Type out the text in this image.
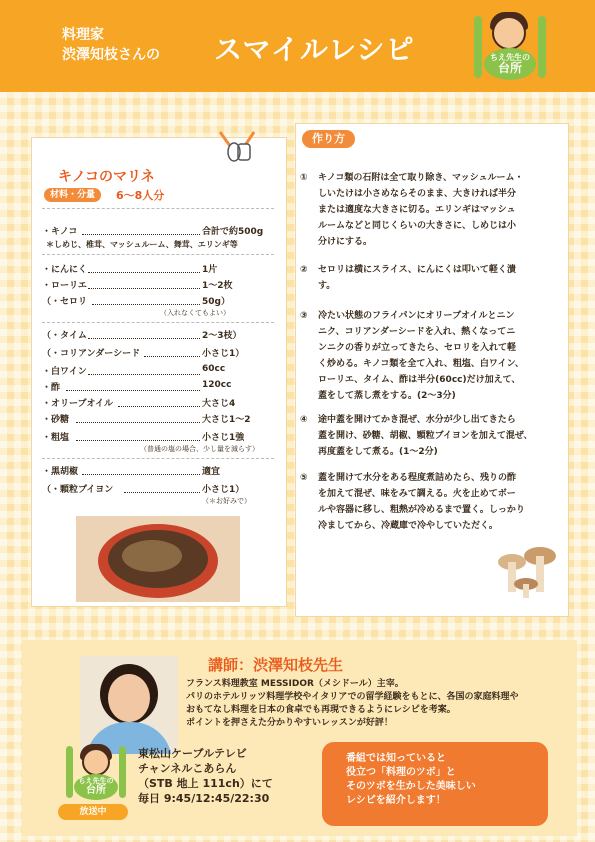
料理家
渋澤知枝さんの スマイルレシピ	ちえ先生の
台所
キノコのマリネ
材料・分量	6〜8人分
・キノコ	合計で約500g
＊しめじ、椎茸、マッシュルーム、舞茸、エリンギ等
・にんにく	1片
・ローリエ	1〜2枚
（・セロリ	50g）
（入れなくてもよい）
（・タイム	2〜3枝）
（・コリアンダーシード	小さじ1）
・白ワイン	60cc
・酢	120cc
・オリーブオイル	大さじ4
・砂糖	大さじ1〜2
・粗塩	小さじ1強
（普通の塩の場合、少し量を減らす）
・黒胡椒	適宜
（・顆粒ブイヨン	小さじ1）
（＊お好みで）
作り方
① キノコ類の石附は全て取り除き、マッシュルーム・
しいたけは小さめならそのまま、大きければ半分
または適度な大きさに切る。エリンギはマッシュ
ルームなどと同じくらいの大きさに、しめじは小
分けにする。
② セロリは横にスライス、にんにくは叩いて軽く潰
す。
③ 冷たい状態のフライパンにオリーブオイルとニン
ニク、コリアンダーシードを入れ、熱くなってニ
ンニクの香りが立ってきたら、セロリを入れて軽
く炒める。キノコ類を全て入れ、粗塩、白ワイン、
ローリエ、タイム、酢は半分(60cc)だけ加えて、
蓋をして蒸し煮をする。(2〜3分)
④ 途中蓋を開けてかき混ぜ、水分が少し出てきたら
蓋を開け、砂糖、胡椒、顆粒ブイヨンを加えて混ぜ、
再度蓋をして煮る。(1〜2分)
⑤ 蓋を開けて水分をある程度煮詰めたら、残りの酢
を加えて混ぜ、味をみて調える。火を止めてボー
ルや容器に移し、粗熱が冷めるまで置く。しっかり
冷ましてから、冷蔵庫で冷やしていただく。
講師：渋澤知枝先生
フランス料理教室 MESSIDOR（メシドール）主宰。
パリのホテルリッツ料理学校やイタリアでの留学経験をもとに、各国の家庭料理や
おもてなし料理を日本の食卓でも再現できるようにレシピを考案。
ポイントを押さえた分かりやすいレッスンが好評！
ちえ先生の
台所
放送中
東松山ケーブルテレビ
チャンネルこあらん
（STB 地上 111ch）にて
毎日 9:45/12:45/22:30
番組では知っていると
役立つ「料理のツボ」と
そのツボを生かした美味しい
レシピを紹介します！
